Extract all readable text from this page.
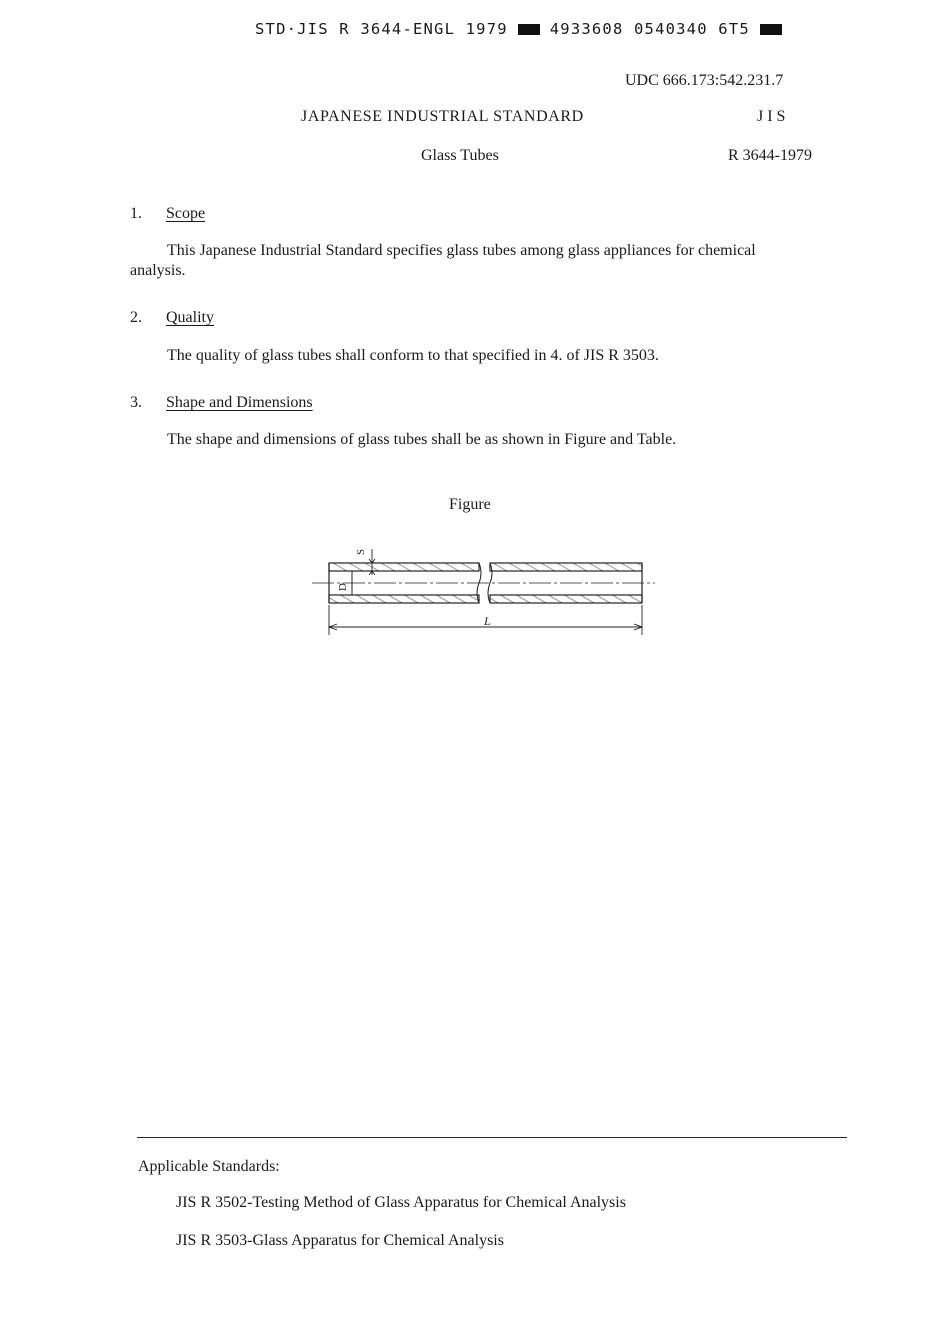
STD·JIS R 3644-ENGL 1979	4933608 0540340 6T5
UDC 666.173:542.231.7
JAPANESE INDUSTRIAL STANDARD	J I S
Glass Tubes	R 3644-1979
1. Scope
This Japanese Industrial Standard specifies glass tubes among glass appliances for chemical analysis.
2. Quality
The quality of glass tubes shall conform to that specified in 4. of JIS R 3503.
3. Shape and Dimensions
The shape and dimensions of glass tubes shall be as shown in Figure and Table.
Figure
S
D
L
Applicable Standards:
JIS R 3502-Testing Method of Glass Apparatus for Chemical Analysis
JIS R 3503-Glass Apparatus for Chemical Analysis
